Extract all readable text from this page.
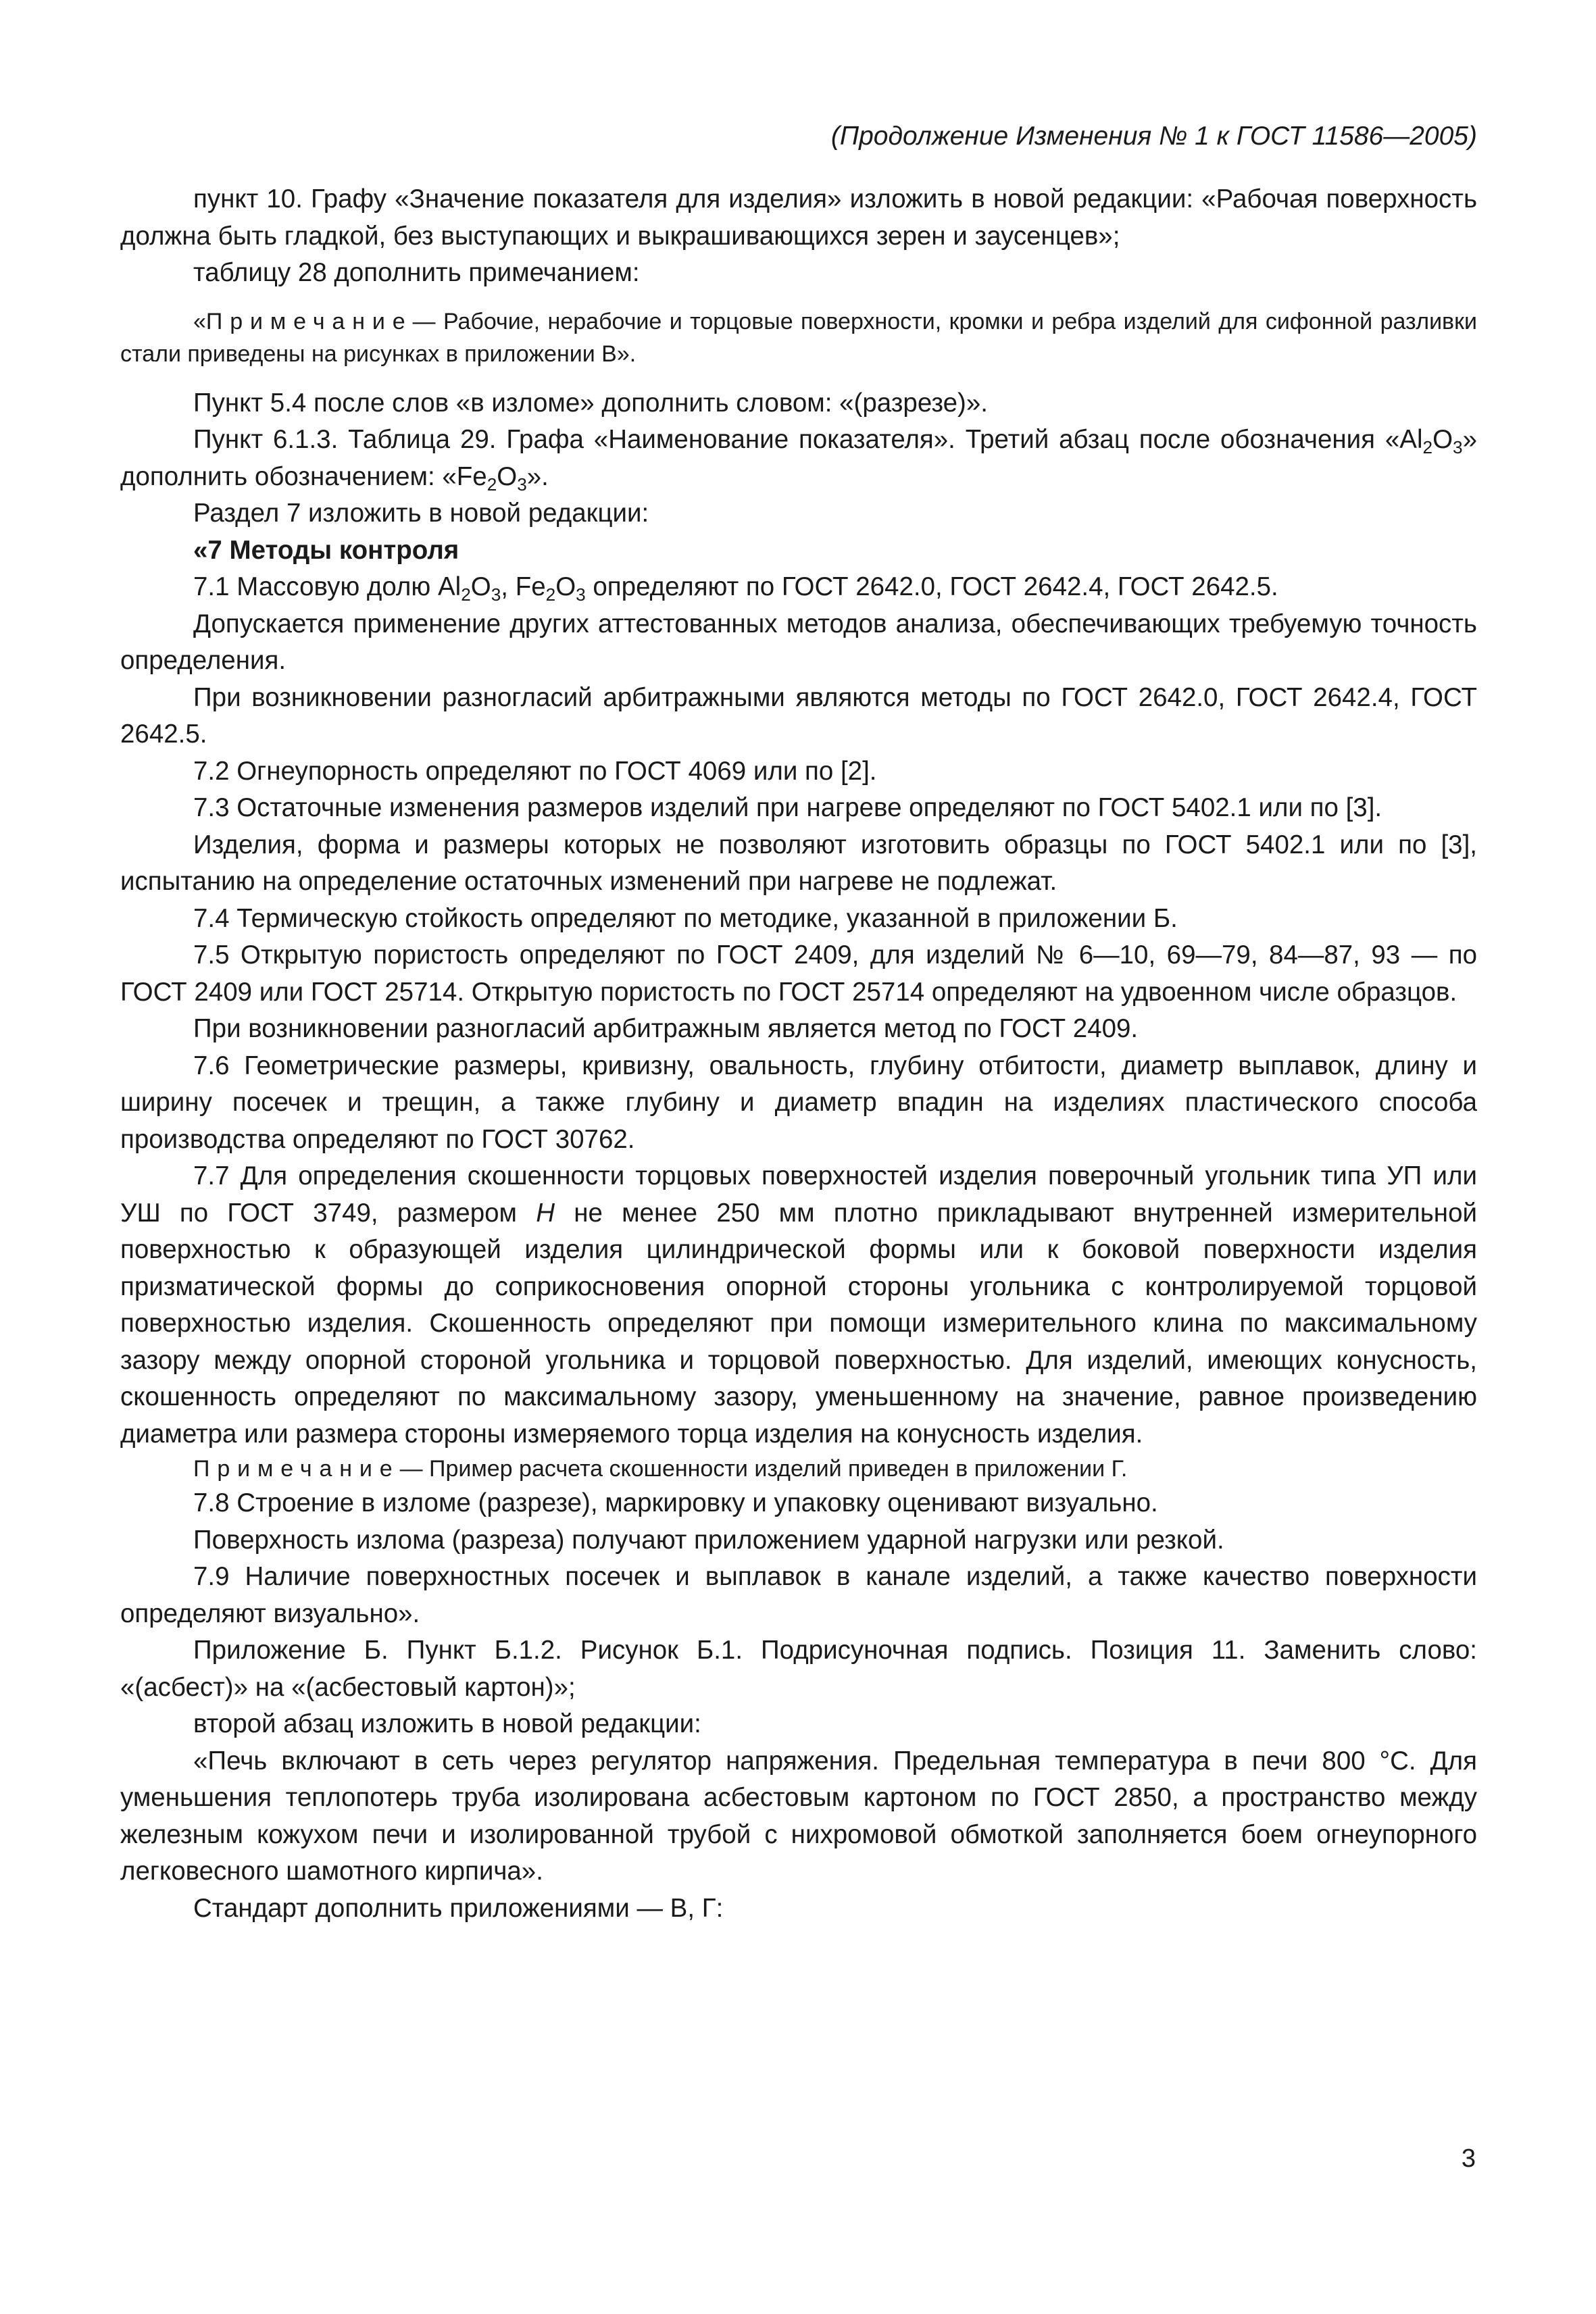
(Продолжение Изменения № 1 к ГОСТ 11586—2005)

пункт 10. Графу «Значение показателя для изделия» изложить в новой редакции: «Рабочая поверхность должна быть гладкой, без выступающих и выкрашивающихся зерен и заусенцев»;

таблицу 28 дополнить примечанием:

«Примечание— Рабочие, нерабочие и торцовые поверхности, кромки и ребра изделий для сифонной разливки стали приведены на рисунках в приложении В».

Пункт 5.4 после слов «в изломе» дополнить словом: «(разрезе)».

Пункт 6.1.3. Таблица 29. Графа «Наименование показателя». Третий абзац после обозначения «$Al_2O_3$» дополнить обозначением: «$Fe_2O_3$».

Раздел 7 изложить в новой редакции:

«7 Методы контроля

7.1 Массовую долю $Al_2O_3$, $Fe_2O_3$ определяют по ГОСТ 2642.0, ГОСТ 2642.4, ГОСТ 2642.5.

Допускается применение других аттестованных методов анализа, обеспечивающих требуемую точность определения.

При возникновении разногласий арбитражными являются методы по ГОСТ 2642.0, ГОСТ 2642.4, ГОСТ 2642.5.

7.2 Огнеупорность определяют по ГОСТ 4069 или по [2].

7.3 Остаточные изменения размеров изделий при нагреве определяют по ГОСТ 5402.1 или по [3].

Изделия, форма и размеры которых не позволяют изготовить образцы по ГОСТ 5402.1 или по [3], испытанию на определение остаточных изменений при нагреве не подлежат.

7.4 Термическую стойкость определяют по методике, указанной в приложении Б.

7.5 Открытую пористость определяют по ГОСТ 2409, для изделий № 6—10, 69—79, 84—87, 93 — по ГОСТ 2409 или ГОСТ 25714. Открытую пористость по ГОСТ 25714 определяют на удвоенном числе образцов.

При возникновении разногласий арбитражным является метод по ГОСТ 2409.

7.6 Геометрические размеры, кривизну, овальность, глубину отбитости, диаметр выплавок, длину и ширину посечек и трещин, а также глубину и диаметр впадин на изделиях пластического способа производства определяют по ГОСТ 30762.

7.7 Для определения скошенности торцовых поверхностей изделия поверочный угольник типа УП или УШ по ГОСТ 3749, размером Н не менее 250 мм плотно прикладывают внутренней измерительной поверхностью к образующей изделия цилиндрической формы или к боковой поверхности изделия призматической формы до соприкосновения опорной стороны угольника с контролируемой торцовой поверхностью изделия. Скошенность определяют при помощи измерительного клина по максимальному зазору между опорной стороной угольника и торцовой поверхностью. Для изделий, имеющих конусность, скошенность определяют по максимальному зазору, уменьшенному на значение, равное произведению диаметра или размера стороны измеряемого торца изделия на конусность изделия.

Примечание— Пример расчета скошенности изделий приведен в приложении Г.

7.8 Строение в изломе (разрезе), маркировку и упаковку оценивают визуально.

Поверхность излома (разреза) получают приложением ударной нагрузки или резкой.

7.9 Наличие поверхностных посечек и выплавок в канале изделий, а также качество поверхности определяют визуально».

Приложение Б. Пункт Б.1.2. Рисунок Б.1. Подрисуночная подпись. Позиция 11. Заменить слово: «(асбест)» на «(асбестовый картон)»;

второй абзац изложить в новой редакции:

«Печь включают в сеть через регулятор напряжения. Предельная температура в печи 800 °С. Для уменьшения теплопотерь труба изолирована асбестовым картоном по ГОСТ 2850, а пространство между железным кожухом печи и изолированной трубой с нихромовой обмоткой заполняется боем огнеупорного легковесного шамотного кирпича».

Стандарт дополнить приложениями — В, Г:

3
